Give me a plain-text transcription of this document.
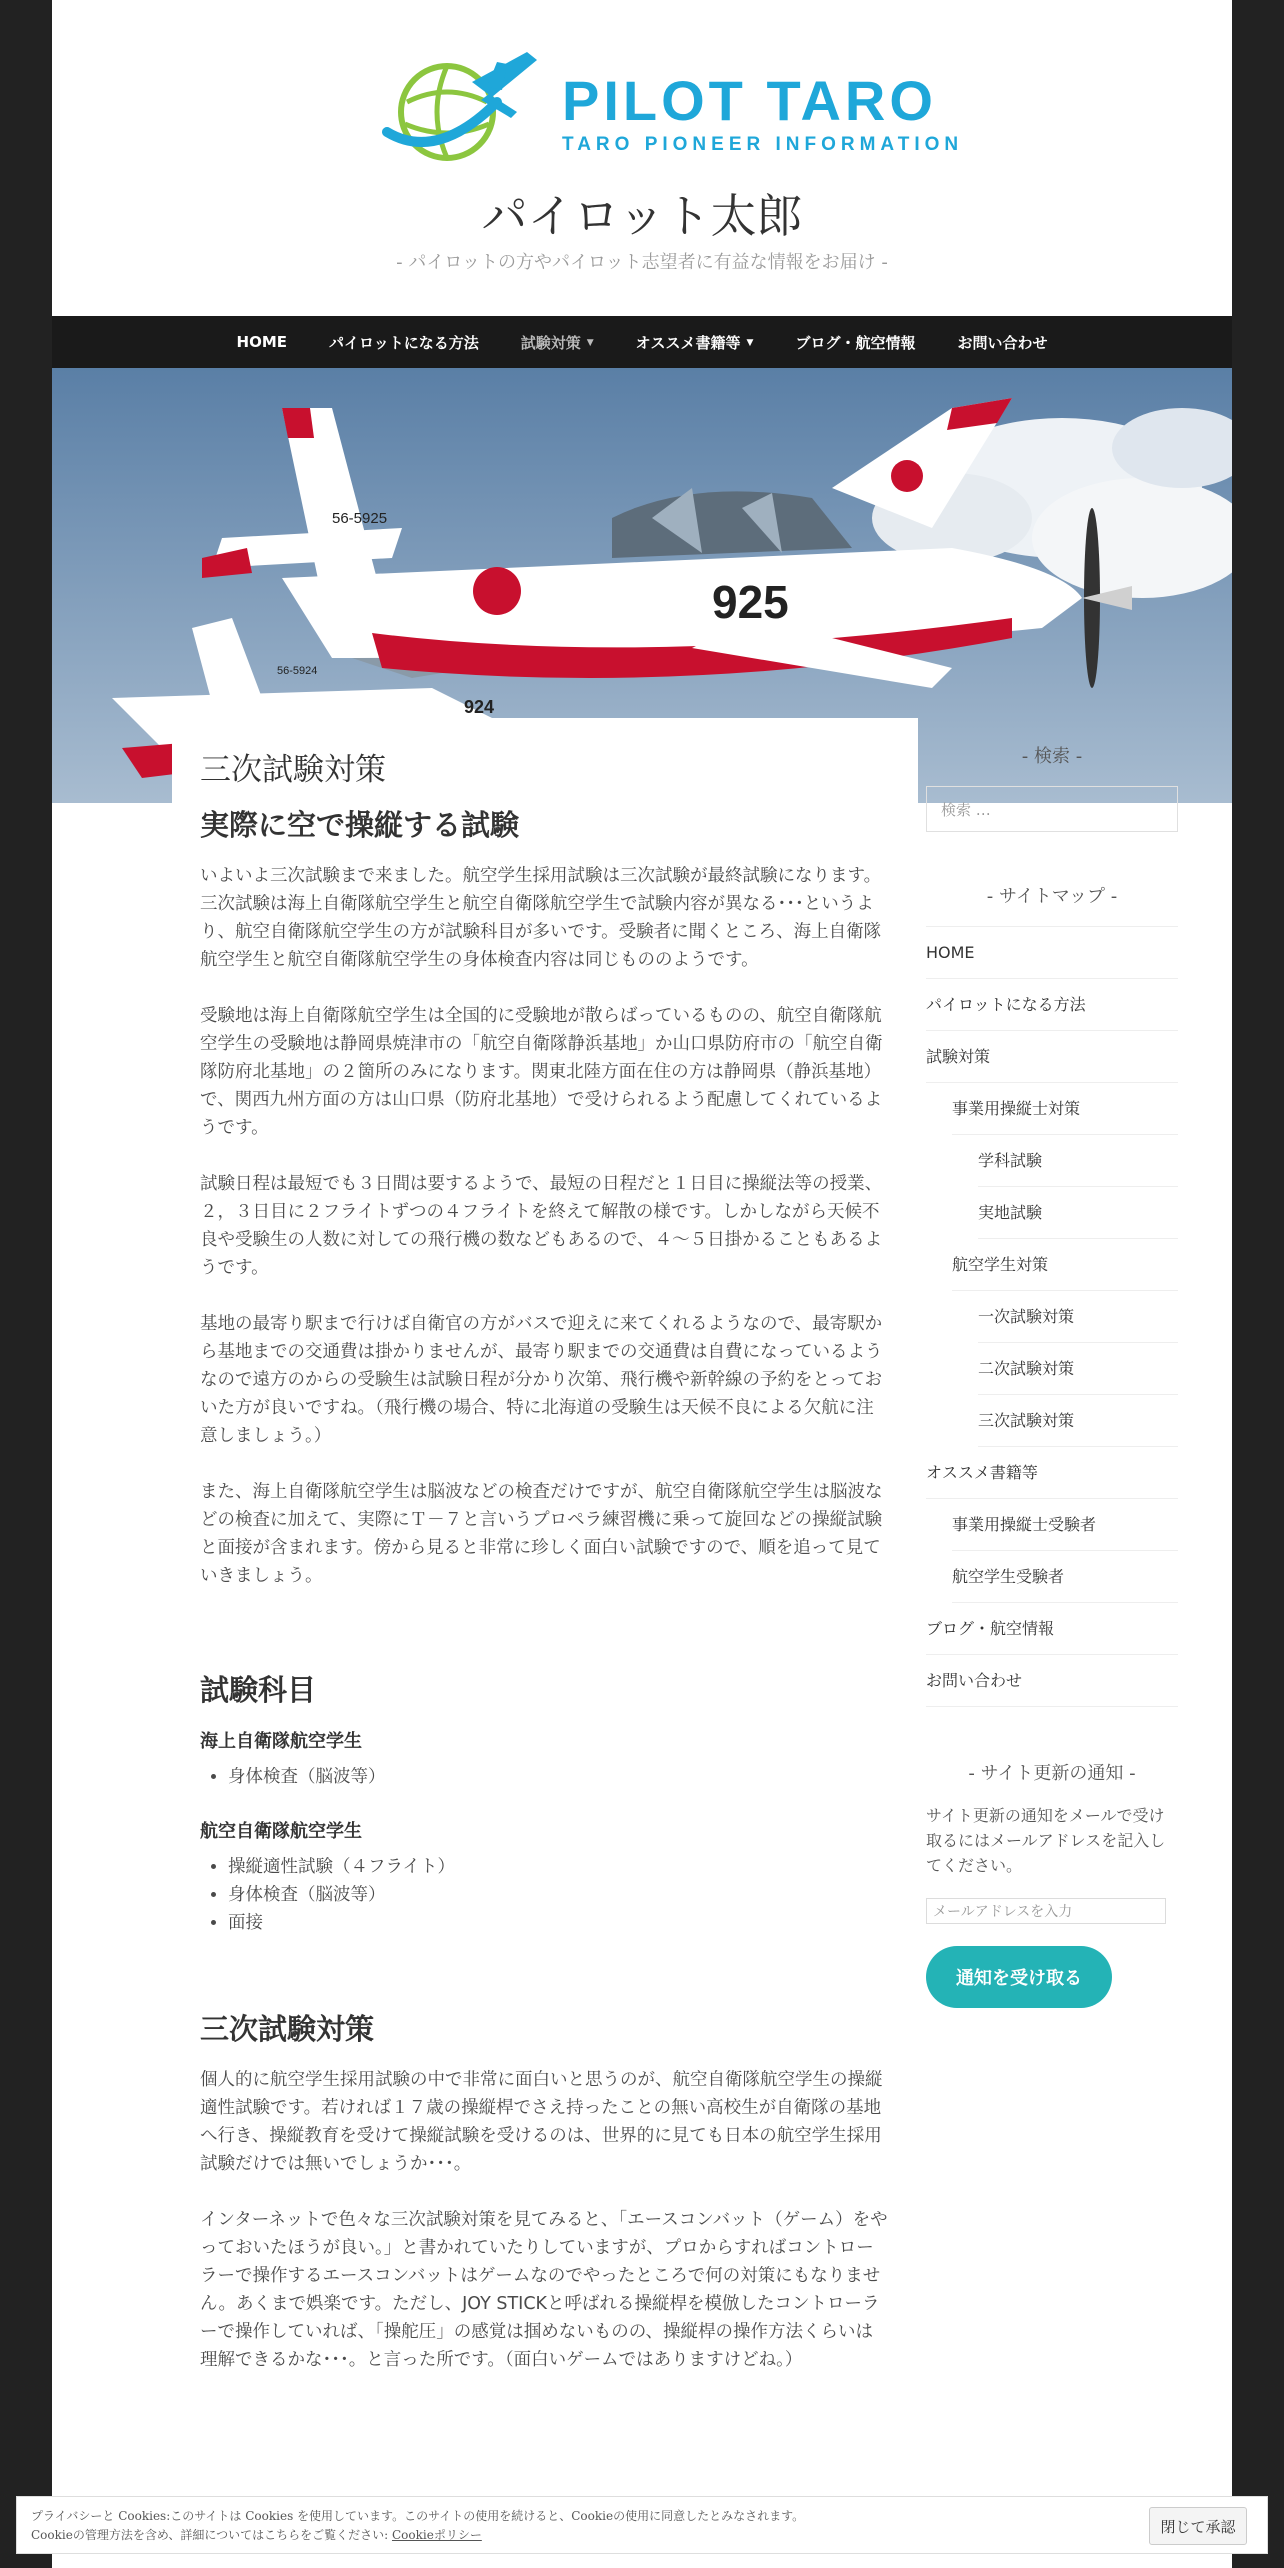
PILOT TARO
TARO PIONEER INFORMATION
パイロット太郎
- パイロットの方やパイロット志望者に有益な情報をお届け -
HOME	パイロットになる方法	試験対策 ▼	オススメ書籍等 ▼	ブログ・航空情報	お問い合わせ
925
56-5925
56-5924
924
三次試験対策
実際に空で操縦する試験

いよいよ三次試験まで来ました。航空学生採用試験は三次試験が最終試験になります。三次試験は海上自衛隊航空学生と航空自衛隊航空学生で試験内容が異なる･･･というより、航空自衛隊航空学生の方が試験科目が多いです。受験者に聞くところ、海上自衛隊航空学生と航空自衛隊航空学生の身体検査内容は同じもののようです。

受験地は海上自衛隊航空学生は全国的に受験地が散らばっているものの、航空自衛隊航空学生の受験地は静岡県焼津市の「航空自衛隊静浜基地」か山口県防府市の「航空自衛隊防府北基地」の２箇所のみになります。関東北陸方面在住の方は静岡県（静浜基地）で、関西九州方面の方は山口県（防府北基地）で受けられるよう配慮してくれているようです。

試験日程は最短でも３日間は要するようで、最短の日程だと１日目に操縦法等の授業、２，３日目に２フライトずつの４フライトを終えて解散の様です。しかしながら天候不良や受験生の人数に対しての飛行機の数などもあるので、４～５日掛かることもあるようです。

基地の最寄り駅まで行けば自衛官の方がバスで迎えに来てくれるようなので、最寄駅から基地までの交通費は掛かりませんが、最寄り駅までの交通費は自費になっているようなので遠方のからの受験生は試験日程が分かり次第、飛行機や新幹線の予約をとっておいた方が良いですね。（飛行機の場合、特に北海道の受験生は天候不良による欠航に注意しましょう。）

また、海上自衛隊航空学生は脳波などの検査だけですが、航空自衛隊航空学生は脳波などの検査に加えて、実際にＴ－７と言いうプロペラ練習機に乗って旋回などの操縦試験と面接が含まれます。傍から見ると非常に珍しく面白い試験ですので、順を追って見ていきましょう。

試験科目
海上自衛隊航空学生
• 身体検査（脳波等）
航空自衛隊航空学生
• 操縦適性試験（４フライト）
• 身体検査（脳波等）
• 面接
三次試験対策

個人的に航空学生採用試験の中で非常に面白いと思うのが、航空自衛隊航空学生の操縦適性試験です。若ければ１７歳の操縦桿でさえ持ったことの無い高校生が自衛隊の基地へ行き、操縦教育を受けて操縦試験を受けるのは、世界的に見ても日本の航空学生採用試験だけでは無いでしょうか･･･。

インターネットで色々な三次試験対策を見てみると、「エースコンバット（ゲーム）をやっておいたほうが良い。」と書かれていたりしていますが、プロからすればコントローラーで操作するエースコンバットはゲームなのでやったところで何の対策にもなりません。あくまで娯楽です。ただし、JOY STICKと呼ばれる操縦桿を模倣したコントローラーで操作していれば、「操舵圧」の感覚は掴めないものの、操縦桿の操作方法くらいは理解できるかな･･･。と言った所です。（面白いゲームではありますけどね。）

- 検索 -
検索 …
- サイトマップ -
HOME
パイロットになる方法
試験対策
事業用操縦士対策
学科試験
実地試験
航空学生対策
一次試験対策
二次試験対策
三次試験対策
オススメ書籍等
事業用操縦士受験者
航空学生受験者
ブログ・航空情報
お問い合わせ
- サイト更新の通知 -

サイト更新の通知をメールで受け取るにはメールアドレスを記入してください。

メールアドレスを入力
通知を受け取る
プライバシーと Cookies:このサイトは Cookies を使用しています。このサイトの使用を続けると、Cookieの使用に同意したとみなされます。
Cookieの管理方法を含め、詳細についてはこちらをご覧ください: Cookieポリシー	閉じて承認
